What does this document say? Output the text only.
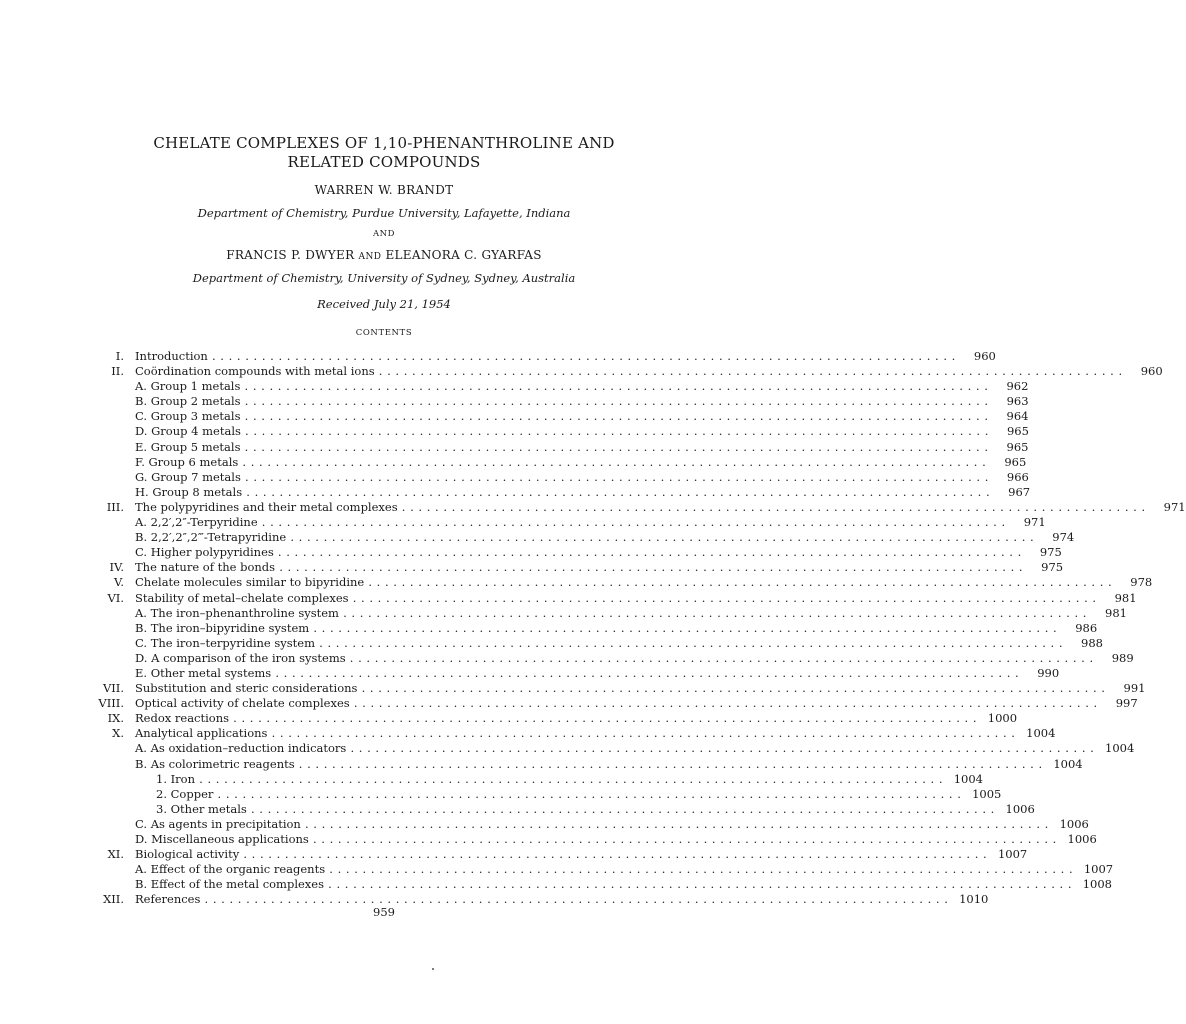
CHELATE COMPLEXES OF 1,10-PHENANTHROLINE AND
RELATED COMPOUNDS
WARREN W. BRANDT
Department of Chemistry, Purdue University, Lafayette, Indiana
AND
FRANCIS P. DWYER AND ELEANORA C. GYARFAS
Department of Chemistry, University of Sydney, Sydney, Australia
Received July 21, 1954
CONTENTS
I. Introduction . . . . . . . . . . . . . . . . . . . . . . . . . . . . . . . . . . . . . . . . . . . . . . . . . . . . . . . . . . . . . . . . . . . . . . . . . . . . . . . . . . . . . . . . . .	960
II. Coördination compounds with metal ions . . . . . . . . . . . . . . . . . . . . . . . . . . . . . . . . . . . . . . . . . . . . . . . . . . . . . . . . . . . . . . . . . . . . . . . . . . . . . . . . . . . . . . . . . .	960
A. Group 1 metals . . . . . . . . . . . . . . . . . . . . . . . . . . . . . . . . . . . . . . . . . . . . . . . . . . . . . . . . . . . . . . . . . . . . . . . . . . . . . . . . . . . . . . . . . .	962
B. Group 2 metals . . . . . . . . . . . . . . . . . . . . . . . . . . . . . . . . . . . . . . . . . . . . . . . . . . . . . . . . . . . . . . . . . . . . . . . . . . . . . . . . . . . . . . . . . .	963
C. Group 3 metals . . . . . . . . . . . . . . . . . . . . . . . . . . . . . . . . . . . . . . . . . . . . . . . . . . . . . . . . . . . . . . . . . . . . . . . . . . . . . . . . . . . . . . . . . .	964
D. Group 4 metals . . . . . . . . . . . . . . . . . . . . . . . . . . . . . . . . . . . . . . . . . . . . . . . . . . . . . . . . . . . . . . . . . . . . . . . . . . . . . . . . . . . . . . . . . .	965
E. Group 5 metals . . . . . . . . . . . . . . . . . . . . . . . . . . . . . . . . . . . . . . . . . . . . . . . . . . . . . . . . . . . . . . . . . . . . . . . . . . . . . . . . . . . . . . . . . .	965
F. Group 6 metals . . . . . . . . . . . . . . . . . . . . . . . . . . . . . . . . . . . . . . . . . . . . . . . . . . . . . . . . . . . . . . . . . . . . . . . . . . . . . . . . . . . . . . . . . .	965
G. Group 7 metals . . . . . . . . . . . . . . . . . . . . . . . . . . . . . . . . . . . . . . . . . . . . . . . . . . . . . . . . . . . . . . . . . . . . . . . . . . . . . . . . . . . . . . . . . .	966
H. Group 8 metals . . . . . . . . . . . . . . . . . . . . . . . . . . . . . . . . . . . . . . . . . . . . . . . . . . . . . . . . . . . . . . . . . . . . . . . . . . . . . . . . . . . . . . . . . .	967
III. The polypyridines and their metal complexes . . . . . . . . . . . . . . . . . . . . . . . . . . . . . . . . . . . . . . . . . . . . . . . . . . . . . . . . . . . . . . . . . . . . . . . . . . . . . . . . . . . . . . . . . .	971
A. 2,2′,2″-Terpyridine . . . . . . . . . . . . . . . . . . . . . . . . . . . . . . . . . . . . . . . . . . . . . . . . . . . . . . . . . . . . . . . . . . . . . . . . . . . . . . . . . . . . . . . . . .	971
B. 2,2′,2″,2‴-Tetrapyridine . . . . . . . . . . . . . . . . . . . . . . . . . . . . . . . . . . . . . . . . . . . . . . . . . . . . . . . . . . . . . . . . . . . . . . . . . . . . . . . . . . . . . . . . . .	974
C. Higher polypyridines . . . . . . . . . . . . . . . . . . . . . . . . . . . . . . . . . . . . . . . . . . . . . . . . . . . . . . . . . . . . . . . . . . . . . . . . . . . . . . . . . . . . . . . . . .	975
IV. The nature of the bonds . . . . . . . . . . . . . . . . . . . . . . . . . . . . . . . . . . . . . . . . . . . . . . . . . . . . . . . . . . . . . . . . . . . . . . . . . . . . . . . . . . . . . . . . . .	975
V. Chelate molecules similar to bipyridine . . . . . . . . . . . . . . . . . . . . . . . . . . . . . . . . . . . . . . . . . . . . . . . . . . . . . . . . . . . . . . . . . . . . . . . . . . . . . . . . . . . . . . . . . .	978
VI. Stability of metal–chelate complexes . . . . . . . . . . . . . . . . . . . . . . . . . . . . . . . . . . . . . . . . . . . . . . . . . . . . . . . . . . . . . . . . . . . . . . . . . . . . . . . . . . . . . . . . . .	981
A. The iron–phenanthroline system . . . . . . . . . . . . . . . . . . . . . . . . . . . . . . . . . . . . . . . . . . . . . . . . . . . . . . . . . . . . . . . . . . . . . . . . . . . . . . . . . . . . . . . . . .	981
B. The iron–bipyridine system . . . . . . . . . . . . . . . . . . . . . . . . . . . . . . . . . . . . . . . . . . . . . . . . . . . . . . . . . . . . . . . . . . . . . . . . . . . . . . . . . . . . . . . . . .	986
C. The iron–terpyridine system . . . . . . . . . . . . . . . . . . . . . . . . . . . . . . . . . . . . . . . . . . . . . . . . . . . . . . . . . . . . . . . . . . . . . . . . . . . . . . . . . . . . . . . . . .	988
D. A comparison of the iron systems . . . . . . . . . . . . . . . . . . . . . . . . . . . . . . . . . . . . . . . . . . . . . . . . . . . . . . . . . . . . . . . . . . . . . . . . . . . . . . . . . . . . . . . . . .	989
E. Other metal systems . . . . . . . . . . . . . . . . . . . . . . . . . . . . . . . . . . . . . . . . . . . . . . . . . . . . . . . . . . . . . . . . . . . . . . . . . . . . . . . . . . . . . . . . . .	990
VII. Substitution and steric considerations . . . . . . . . . . . . . . . . . . . . . . . . . . . . . . . . . . . . . . . . . . . . . . . . . . . . . . . . . . . . . . . . . . . . . . . . . . . . . . . . . . . . . . . . . .	991
VIII. Optical activity of chelate complexes . . . . . . . . . . . . . . . . . . . . . . . . . . . . . . . . . . . . . . . . . . . . . . . . . . . . . . . . . . . . . . . . . . . . . . . . . . . . . . . . . . . . . . . . . .	997
IX. Redox reactions . . . . . . . . . . . . . . . . . . . . . . . . . . . . . . . . . . . . . . . . . . . . . . . . . . . . . . . . . . . . . . . . . . . . . . . . . . . . . . . . . . . . . . . . . . 1000
X. Analytical applications . . . . . . . . . . . . . . . . . . . . . . . . . . . . . . . . . . . . . . . . . . . . . . . . . . . . . . . . . . . . . . . . . . . . . . . . . . . . . . . . . . . . . . . . . . 1004
A. As oxidation–reduction indicators . . . . . . . . . . . . . . . . . . . . . . . . . . . . . . . . . . . . . . . . . . . . . . . . . . . . . . . . . . . . . . . . . . . . . . . . . . . . . . . . . . . . . . . . . . 1004
B. As colorimetric reagents . . . . . . . . . . . . . . . . . . . . . . . . . . . . . . . . . . . . . . . . . . . . . . . . . . . . . . . . . . . . . . . . . . . . . . . . . . . . . . . . . . . . . . . . . . 1004
1. Iron . . . . . . . . . . . . . . . . . . . . . . . . . . . . . . . . . . . . . . . . . . . . . . . . . . . . . . . . . . . . . . . . . . . . . . . . . . . . . . . . . . . . . . . . . . 1004
2. Copper . . . . . . . . . . . . . . . . . . . . . . . . . . . . . . . . . . . . . . . . . . . . . . . . . . . . . . . . . . . . . . . . . . . . . . . . . . . . . . . . . . . . . . . . . . 1005
3. Other metals . . . . . . . . . . . . . . . . . . . . . . . . . . . . . . . . . . . . . . . . . . . . . . . . . . . . . . . . . . . . . . . . . . . . . . . . . . . . . . . . . . . . . . . . . . 1006
C. As agents in precipitation . . . . . . . . . . . . . . . . . . . . . . . . . . . . . . . . . . . . . . . . . . . . . . . . . . . . . . . . . . . . . . . . . . . . . . . . . . . . . . . . . . . . . . . . . . 1006
D. Miscellaneous applications . . . . . . . . . . . . . . . . . . . . . . . . . . . . . . . . . . . . . . . . . . . . . . . . . . . . . . . . . . . . . . . . . . . . . . . . . . . . . . . . . . . . . . . . . . 1006
XI. Biological activity . . . . . . . . . . . . . . . . . . . . . . . . . . . . . . . . . . . . . . . . . . . . . . . . . . . . . . . . . . . . . . . . . . . . . . . . . . . . . . . . . . . . . . . . . . 1007
A. Effect of the organic reagents . . . . . . . . . . . . . . . . . . . . . . . . . . . . . . . . . . . . . . . . . . . . . . . . . . . . . . . . . . . . . . . . . . . . . . . . . . . . . . . . . . . . . . . . . . 1007
B. Effect of the metal complexes . . . . . . . . . . . . . . . . . . . . . . . . . . . . . . . . . . . . . . . . . . . . . . . . . . . . . . . . . . . . . . . . . . . . . . . . . . . . . . . . . . . . . . . . . . 1008
XII. References . . . . . . . . . . . . . . . . . . . . . . . . . . . . . . . . . . . . . . . . . . . . . . . . . . . . . . . . . . . . . . . . . . . . . . . . . . . . . . . . . . . . . . . . . . 1010
959
